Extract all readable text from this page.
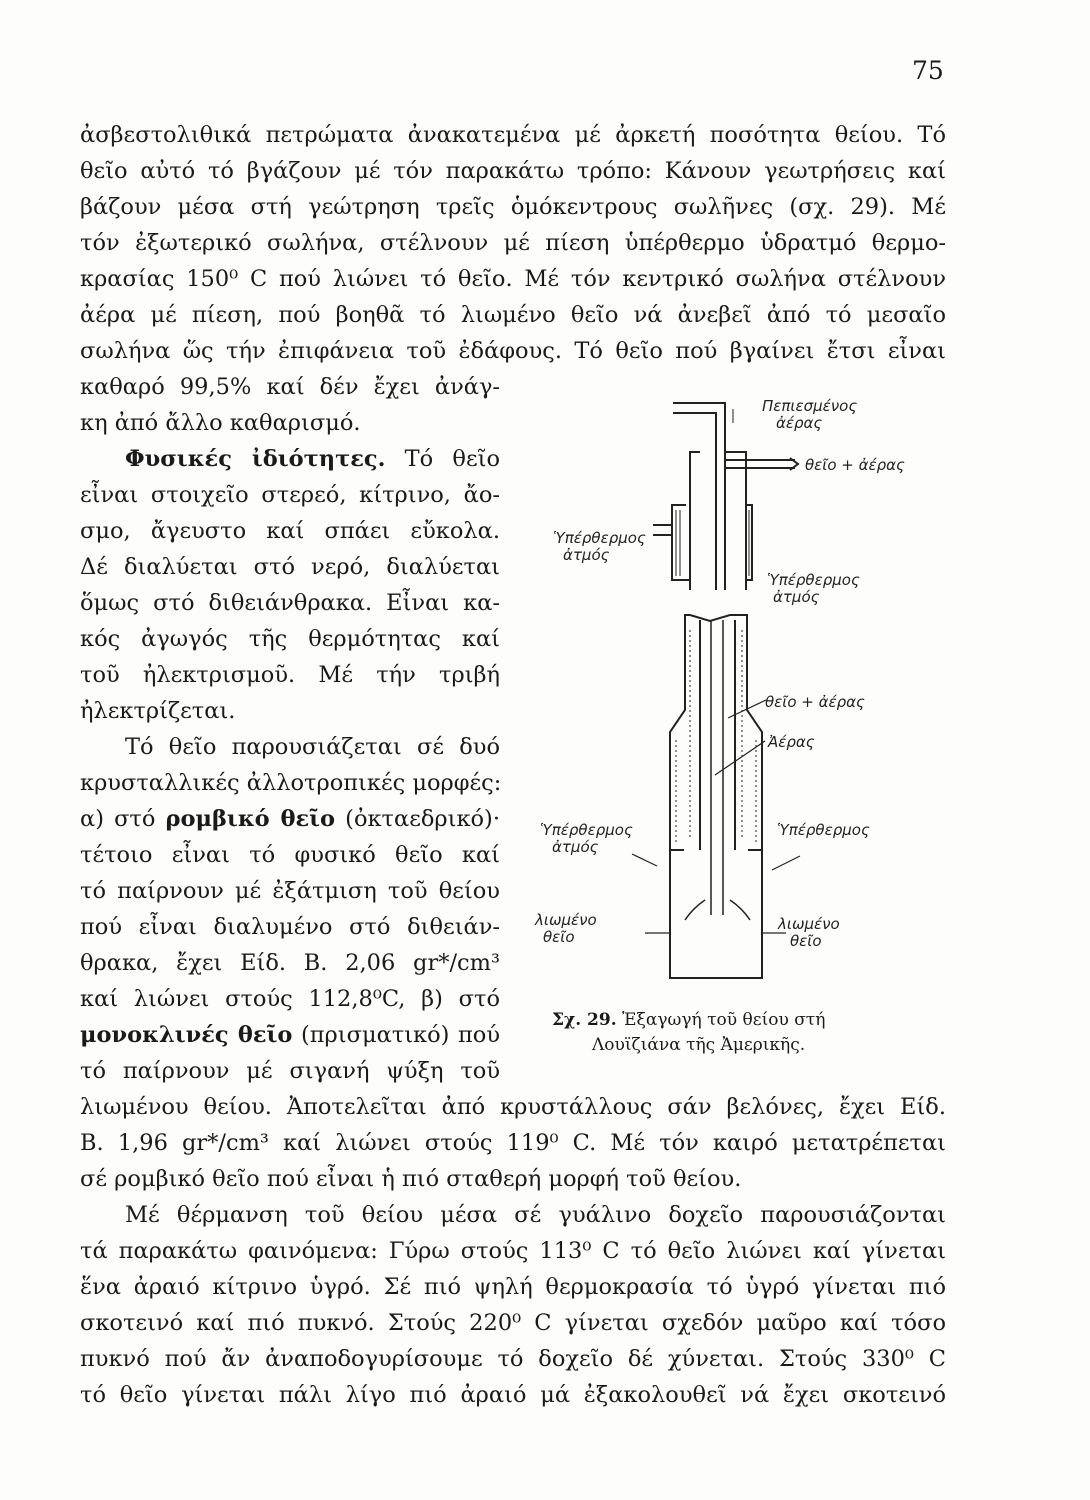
75
ἀσβεστολιθικά πετρώματα ἀνακατεμένα μέ ἀρκετή ποσότητα θείου. Τό
θεῖο αὐτό τό βγάζουν μέ τόν παρακάτω τρόπο: Κάνουν γεωτρήσεις καί
βάζουν μέσα στή γεώτρηση τρεῖς ὁμόκεντρους σωλῆνες (σχ. 29). Μέ
τόν ἐξωτερικό σωλήνα, στέλνουν μέ πίεση ὑπέρθερμο ὑδρατμό θερμο-
κρασίας 150⁰ C πού λιώνει τό θεῖο. Μέ τόν κεντρικό σωλήνα στέλνουν
ἀέρα μέ πίεση, πού βοηθᾶ τό λιωμένο θεῖο νά ἀνεβεῖ ἀπό τό μεσαῖο
σωλήνα ὥς τήν ἐπιφάνεια τοῦ ἐδάφους. Τό θεῖο πού βγαίνει ἔτσι εἶναι
καθαρό 99,5% καί δέν ἔχει ἀνάγ-
κη ἀπό ἄλλο καθαρισμό.
Φυσικές ἰδιότητες. Τό θεῖο
εἶναι στοιχεῖο στερεό, κίτρινο, ἄο-
σμο, ἄγευστο καί σπάει εὔκολα.
Δέ διαλύεται στό νερό, διαλύεται
ὅμως στό διθειάνθρακα. Εἶναι κα-
κός ἀγωγός τῆς θερμότητας καί
τοῦ ἠλεκτρισμοῦ. Μέ τήν τριβή
ἠλεκτρίζεται.
Τό θεῖο παρουσιάζεται σέ δυό
κρυσταλλικές ἀλλοτροπικές μορφές:
α) στό ρομβικό θεῖο (ὀκταεδρικό)·
τέτοιο εἶναι τό φυσικό θεῖο καί
τό παίρνουν μέ ἐξάτμιση τοῦ θείου
πού εἶναι διαλυμένο στό διθειάν-
θρακα, ἔχει Είδ. Β. 2,06 gr*/cm³
καί λιώνει στούς 112,8⁰C, β) στό
μονοκλινές θεῖο (πρισματικό) πού
τό παίρνουν μέ σιγανή ψύξη τοῦ
λιωμένου θείου. Ἀποτελεῖται ἀπό κρυστάλλους σάν βελόνες, ἔχει Είδ.
Β. 1,96 gr*/cm³ καί λιώνει στούς 119⁰ C. Μέ τόν καιρό μετατρέπεται
σέ ρομβικό θεῖο πού εἶναι ἡ πιό σταθερή μορφή τοῦ θείου.
Μέ θέρμανση τοῦ θείου μέσα σέ γυάλινο δοχεῖο παρουσιάζονται
τά παρακάτω φαινόμενα: Γύρω στούς 113⁰ C τό θεῖο λιώνει καί γίνεται
ἕνα ἀραιό κίτρινο ὑγρό. Σέ πιό ψηλή θερμοκρασία τό ὑγρό γίνεται πιό
σκοτεινό καί πιό πυκνό. Στούς 220⁰ C γίνεται σχεδόν μαῦρο καί τόσο
πυκνό πού ἄν ἀναποδογυρίσουμε τό δοχεῖο δέ χύνεται. Στούς 330⁰ C
τό θεῖο γίνεται πάλι λίγο πιό ἀραιό μά ἐξακολουθεῖ νά ἔχει σκοτεινό
Πεπιεσμένος
ἀέρας
θεῖο + ἀέρας
Ὑπέρθερμος
ἀτμός
Ὑπέρθερμος
ἀτμός
θεῖο + ἀέρας
Ἀέρας
Ὑπέρθερμος
ἀτμός
Ὑπέρθερμος
λιωμένο
θεῖο
λιωμένο
θεῖο
Σχ. 29. Ἐξαγωγή τοῦ θείου στή
Λουϊζιάνα τῆς Ἀμερικῆς.
